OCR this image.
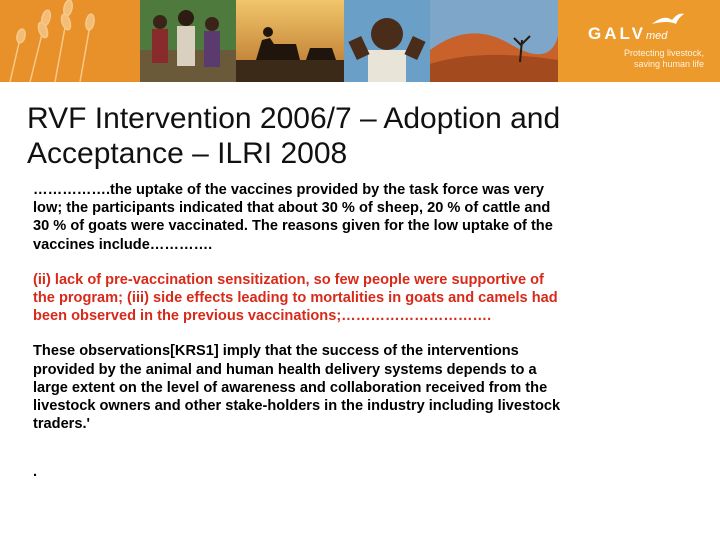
GALVmed
Protecting livestock,
saving human life
RVF Intervention 2006/7 – Adoption and
Acceptance – ILRI 2008
…………….the uptake of the vaccines provided by the task force was very
low; the participants indicated that about 30 % of sheep, 20 % of cattle and
30 % of goats were vaccinated. The reasons given for the low uptake of the
vaccines include………….
(ii) lack of pre-vaccination sensitization, so few people were supportive of
the program; (iii) side effects leading to mortalities in goats and camels had
been observed in the previous vaccinations;………………………….
These observations[KRS1] imply that the success of the interventions
provided by the animal and human health delivery systems depends to a
large extent on the level of awareness and collaboration received from the
livestock owners and other stake-holders in the industry including livestock
traders.'
.
